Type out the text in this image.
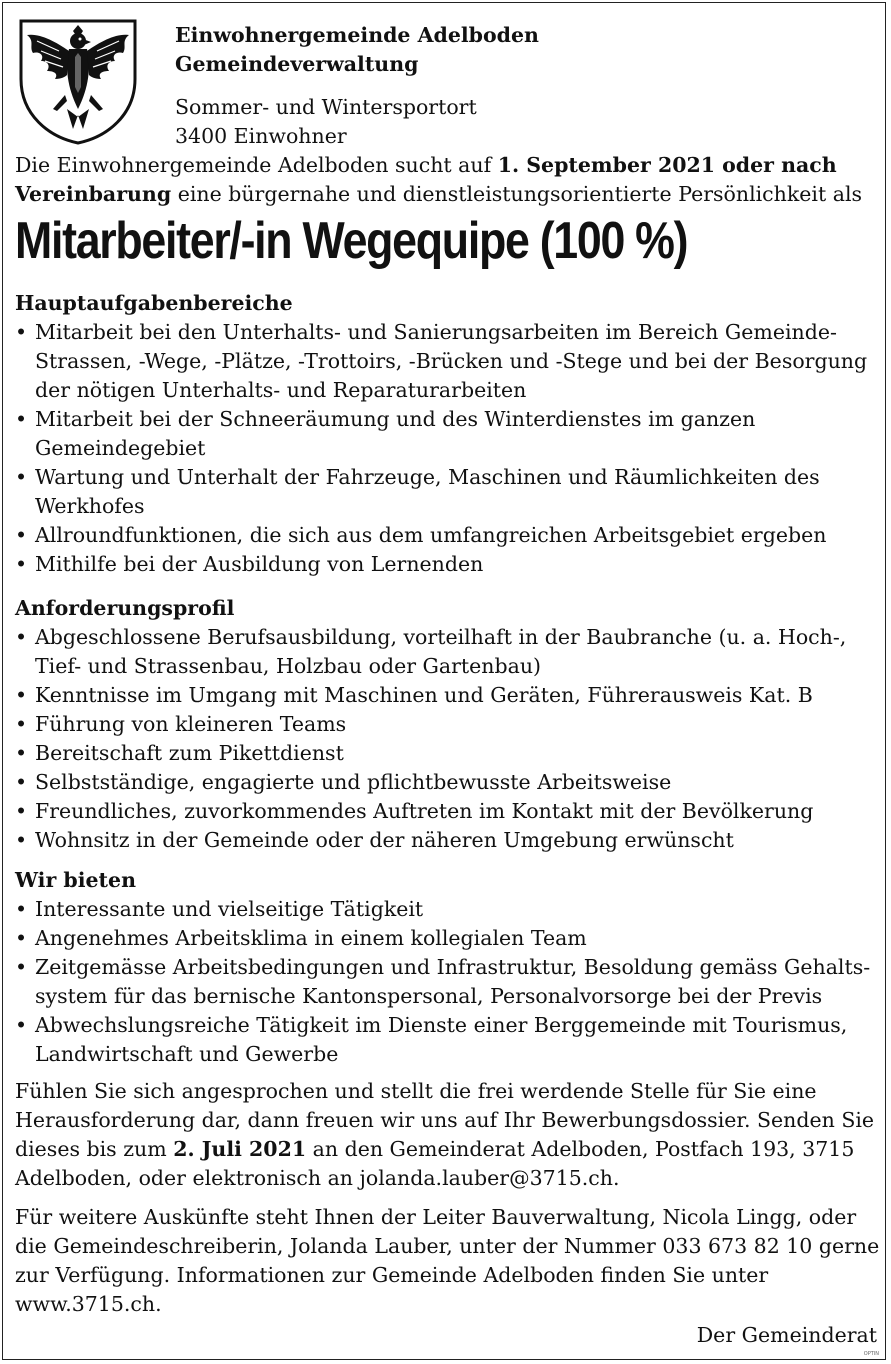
Einwohnergemeinde Adelboden
Gemeindeverwaltung
Sommer- und Wintersportort
3400 Einwohner
Die Einwohnergemeinde Adelboden sucht auf 1. September 2021 oder nach Vereinbarung eine bürgernahe und dienstleistungsorientierte Persönlichkeit als
Mitarbeiter/-in Wegequipe (100 %)
Hauptaufgabenbereiche
• Mitarbeit bei den Unterhalts- und Sanierungsarbeiten im Bereich Gemeinde-Strassen, -Wege, -Plätze, -Trottoirs, -Brücken und -Stege und bei der Besorgung der nötigen Unterhalts- und Reparaturarbeiten
• Mitarbeit bei der Schneeräumung und des Winterdienstes im ganzen Gemeindegebiet
• Wartung und Unterhalt der Fahrzeuge, Maschinen und Räumlichkeiten des Werkhofes
• Allroundfunktionen, die sich aus dem umfangreichen Arbeitsgebiet ergeben
• Mithilfe bei der Ausbildung von Lernenden
Anforderungsprofil
• Abgeschlossene Berufsausbildung, vorteilhaft in der Baubranche (u. a. Hoch-, Tief- und Strassenbau, Holzbau oder Gartenbau)
• Kenntnisse im Umgang mit Maschinen und Geräten, Führerausweis Kat. B
• Führung von kleineren Teams
• Bereitschaft zum Pikettdienst
• Selbstständige, engagierte und pflichtbewusste Arbeitsweise
• Freundliches, zuvorkommendes Auftreten im Kontakt mit der Bevölkerung
• Wohnsitz in der Gemeinde oder der näheren Umgebung erwünscht
Wir bieten
• Interessante und vielseitige Tätigkeit
• Angenehmes Arbeitsklima in einem kollegialen Team
• Zeitgemässe Arbeitsbedingungen und Infrastruktur, Besoldung gemäss Gehalts-system für das bernische Kantonspersonal, Personalvorsorge bei der Previs
• Abwechslungsreiche Tätigkeit im Dienste einer Berggemeinde mit Tourismus, Landwirtschaft und Gewerbe
Fühlen Sie sich angesprochen und stellt die frei werdende Stelle für Sie eine Herausforderung dar, dann freuen wir uns auf Ihr Bewerbungsdossier. Senden Sie dieses bis zum 2. Juli 2021 an den Gemeinderat Adelboden, Postfach 193, 3715 Adelboden, oder elektronisch an jolanda.lauber@3715.ch.
Für weitere Auskünfte steht Ihnen der Leiter Bauverwaltung, Nicola Lingg, oder die Gemeindeschreiberin, Jolanda Lauber, unter der Nummer 033 673 82 10 gerne zur Verfügung. Informationen zur Gemeinde Adelboden finden Sie unter www.3715.ch.
Der Gemeinderat
OPTIN
